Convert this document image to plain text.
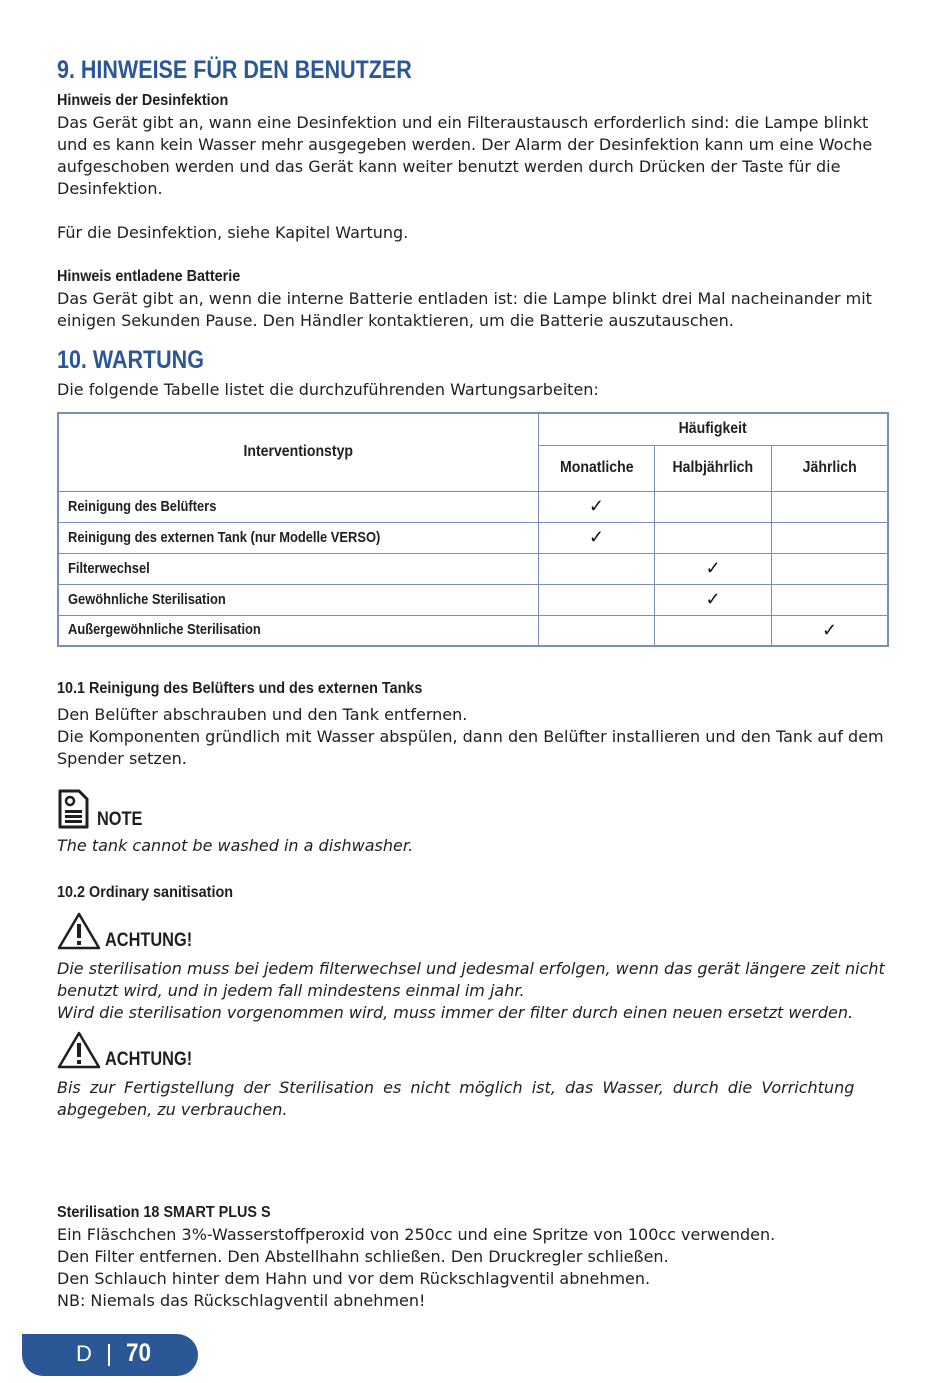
9. HINWEISE FÜR DEN BENUTZER

Hinweis der Desinfektion

Das Gerät gibt an, wann eine Desinfektion und ein Filteraustausch erforderlich sind: die Lampe blinkt

und es kann kein Wasser mehr ausgegeben werden. Der Alarm der Desinfektion kann um eine Woche

aufgeschoben werden und das Gerät kann weiter benutzt werden durch Drücken der Taste für die

Desinfektion.

Für die Desinfektion, siehe Kapitel Wartung.

Hinweis entladene Batterie

Das Gerät gibt an, wenn die interne Batterie entladen ist: die Lampe blinkt drei Mal nacheinander mit

einigen Sekunden Pause. Den Händler kontaktieren, um die Batterie auszutauschen.

10. WARTUNG

Die folgende Tabelle listet die durchzuführenden Wartungsarbeiten:

Interventionstyp	Häufigkeit		
	Monatliche	Halbjährlich	Jährlich
Reinigung des Belüfters	✓		
Reinigung des externen Tank (nur Modelle VERSO)	✓		
Filterwechsel		✓	
Gewöhnliche Sterilisation		✓	
Außergewöhnliche Sterilisation			✓

10.1 Reinigung des Belüfters und des externen Tanks

Den Belüfter abschrauben und den Tank entfernen.

Die Komponenten gründlich mit Wasser abspülen, dann den Belüfter installieren und den Tank auf dem

Spender setzen.

NOTE

The tank cannot be washed in a dishwasher.

10.2 Ordinary sanitisation

ACHTUNG!

Die sterilisation muss bei jedem filterwechsel und jedesmal erfolgen, wenn das gerät längere zeit nicht

benutzt wird, und in jedem fall mindestens einmal im jahr.

Wird die sterilisation vorgenommen wird, muss immer der filter durch einen neuen ersetzt werden.

ACHTUNG!

Bis zur Fertigstellung der Sterilisation es nicht möglich ist, das Wasser, durch die Vorrichtung

abgegeben, zu verbrauchen.

Sterilisation 18 SMART PLUS S

Ein Fläschchen 3%-Wasserstoffperoxid von 250cc und eine Spritze von 100cc verwenden.

Den Filter entfernen. Den Abstellhahn schließen. Den Druckregler schließen.

Den Schlauch hinter dem Hahn und vor dem Rückschlagventil abnehmen.

NB: Niemals das Rückschlagventil abnehmen!

D 70
